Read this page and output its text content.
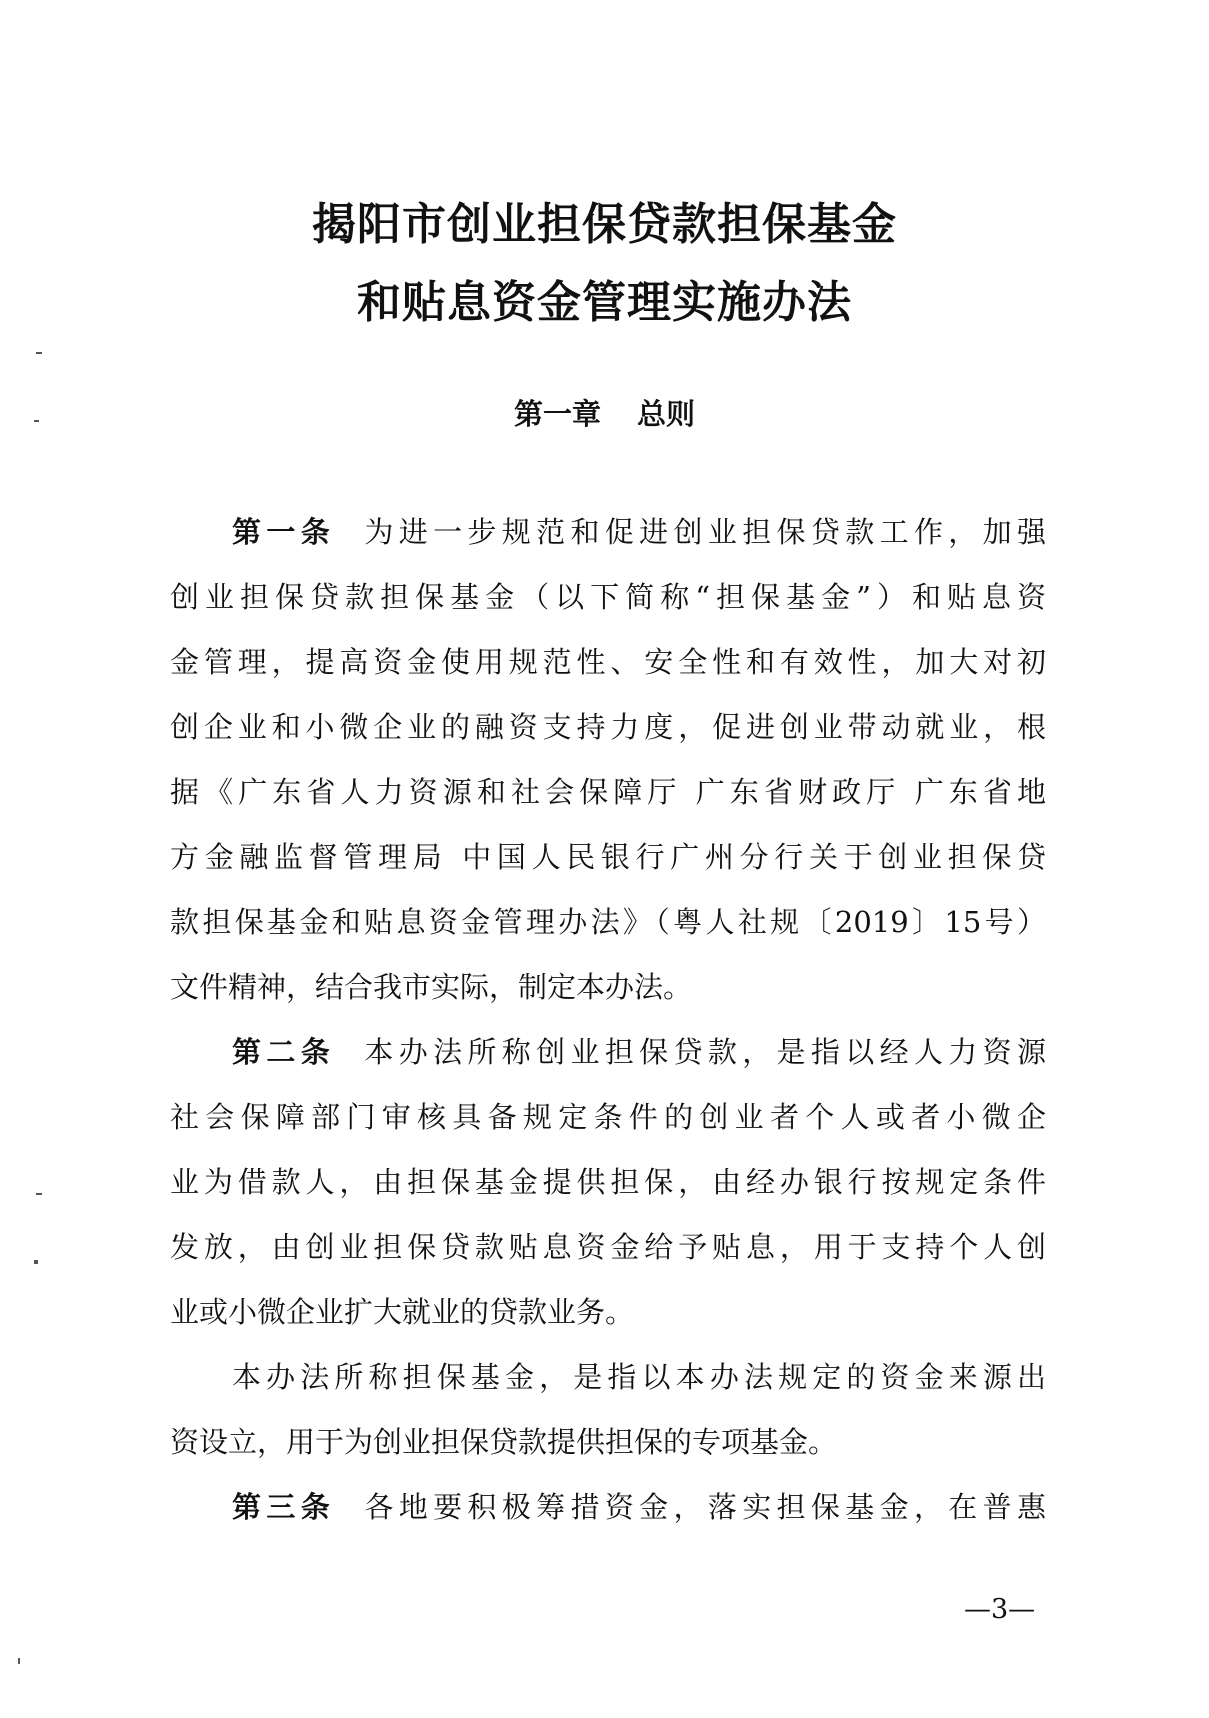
揭阳市创业担保贷款担保基金
和贴息资金管理实施办法
第一章 总则
第一条 为进一步规范和促进创业担保贷款工作，加强
创业担保贷款担保基金（以下简称“担保基金”）和贴息资
金管理，提高资金使用规范性、安全性和有效性，加大对初
创企业和小微企业的融资支持力度，促进创业带动就业，根
据《广东省人力资源和社会保障厅 广东省财政厅 广东省地
方金融监督管理局 中国人民银行广州分行关于创业担保贷
款担保基金和贴息资金管理办法》（粤人社规〔2019〕15号）
文件精神，结合我市实际，制定本办法。
第二条 本办法所称创业担保贷款，是指以经人力资源
社会保障部门审核具备规定条件的创业者个人或者小微企
业为借款人，由担保基金提供担保，由经办银行按规定条件
发放，由创业担保贷款贴息资金给予贴息，用于支持个人创
业或小微企业扩大就业的贷款业务。
本办法所称担保基金，是指以本办法规定的资金来源出
资设立，用于为创业担保贷款提供担保的专项基金。
第三条 各地要积极筹措资金，落实担保基金，在普惠
—3—
